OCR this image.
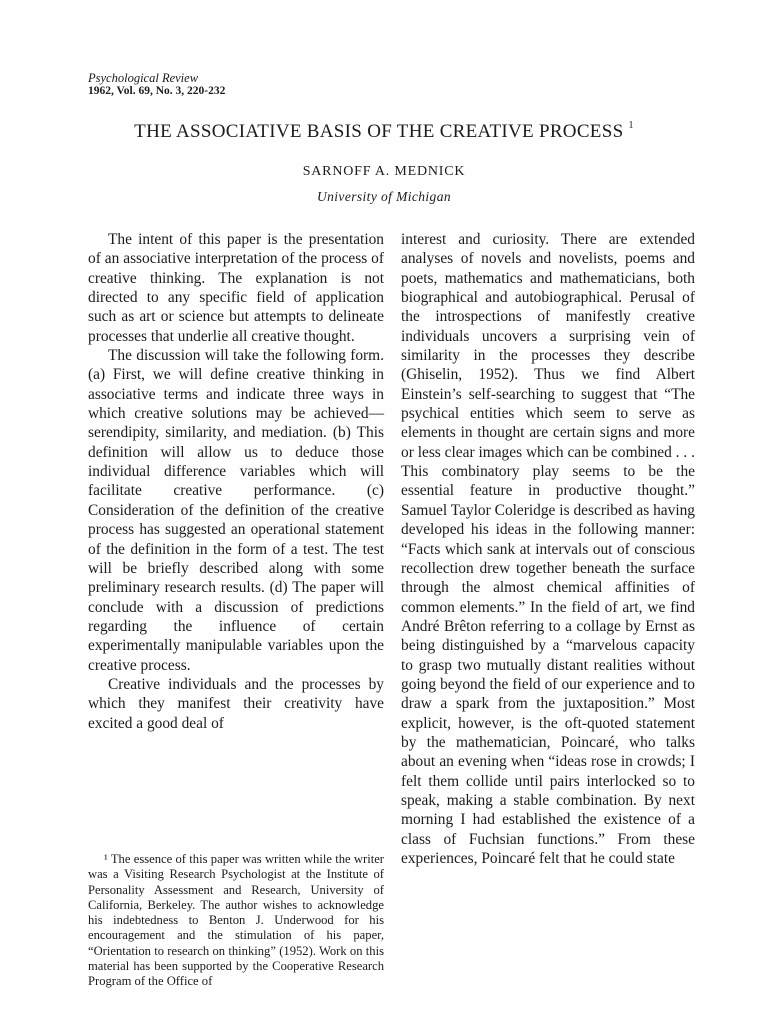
Psychological Review
1962, Vol. 69, No. 3, 220-232
THE ASSOCIATIVE BASIS OF THE CREATIVE PROCESS $^1$
SARNOFF A. MEDNICK
University of Michigan

The intent of this paper is the presentation of an associative interpretation of the process of creative thinking. The explanation is not directed to any specific field of application such as art or science but attempts to delineate processes that underlie all creative thought.

The discussion will take the following form. (a) First, we will define creative thinking in associative terms and indicate three ways in which creative solutions may be achieved—serendipity, similarity, and mediation. (b) This definition will allow us to deduce those individual difference variables which will facilitate creative performance. (c) Consideration of the definition of the creative process has suggested an operational statement of the definition in the form of a test. The test will be briefly described along with some preliminary research results. (d) The paper will conclude with a discussion of predictions regarding the influence of certain experimentally manipulable variables upon the creative process.

Creative individuals and the processes by which they manifest their creativity have excited a good deal of

¹ The essence of this paper was written while the writer was a Visiting Research Psychologist at the Institute of Personality Assessment and Research, University of California, Berkeley. The author wishes to acknowledge his indebtedness to Benton J. Underwood for his encouragement and the stimulation of his paper, “Orientation to research on thinking” (1952). Work on this material has been supported by the Cooperative Research Program of the Office of

interest and curiosity. There are extended analyses of novels and novelists, poems and poets, mathematics and mathematicians, both biographical and autobiographical. Perusal of the introspections of manifestly creative individuals uncovers a surprising vein of similarity in the processes they describe (Ghiselin, 1952). Thus we find Albert Einstein’s self-searching to suggest that “The psychical entities which seem to serve as elements in thought are certain signs and more or less clear images which can be combined . . . This combinatory play seems to be the essential feature in productive thought.” Samuel Taylor Coleridge is described as having developed his ideas in the following manner: “Facts which sank at intervals out of conscious recollection drew together beneath the surface through the almost chemical affinities of common elements.” In the field of art, we find André Brêton referring to a collage by Ernst as being distinguished by a “marvelous capacity to grasp two mutually distant realities without going beyond the field of our experience and to draw a spark from the juxtaposition.” Most explicit, however, is the oft-quoted statement by the mathematician, Poincaré, who talks about an evening when “ideas rose in crowds; I felt them collide until pairs interlocked so to speak, making a stable combination. By next morning I had established the existence of a class of Fuchsian functions.” From these experiences, Poincaré felt that he could state
